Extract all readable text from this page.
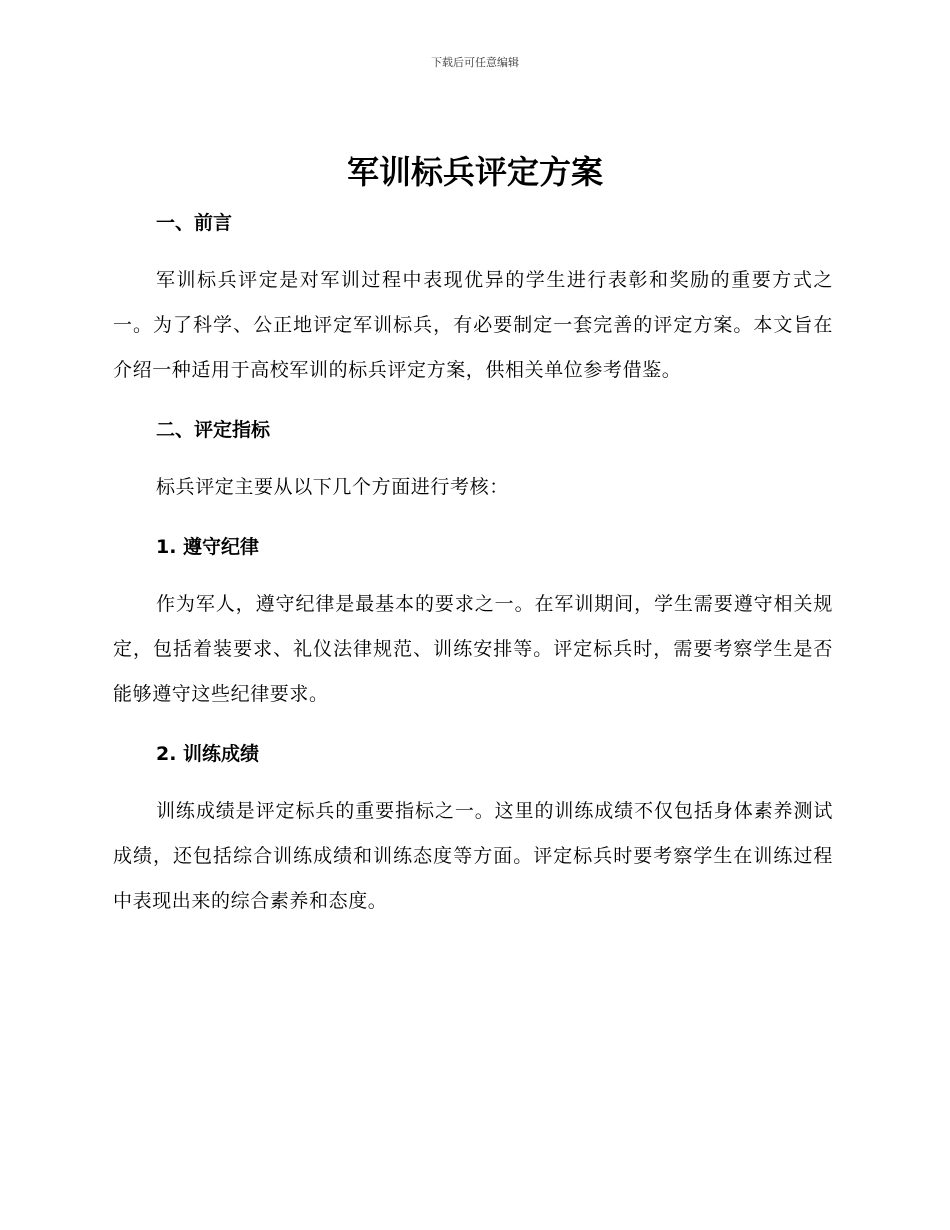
下载后可任意编辑
军训标兵评定方案
一、前言

军训标兵评定是对军训过程中表现优异的学生进行表彰和奖励的重要方式之一。为了科学、公正地评定军训标兵，有必要制定一套完善的评定方案。本文旨在介绍一种适用于高校军训的标兵评定方案，供相关单位参考借鉴。

二、评定指标

标兵评定主要从以下几个方面进行考核：

1. 遵守纪律

作为军人，遵守纪律是最基本的要求之一。在军训期间，学生需要遵守相关规定，包括着装要求、礼仪法律规范、训练安排等。评定标兵时，需要考察学生是否能够遵守这些纪律要求。

2. 训练成绩

训练成绩是评定标兵的重要指标之一。这里的训练成绩不仅包括身体素养测试成绩，还包括综合训练成绩和训练态度等方面。评定标兵时要考察学生在训练过程中表现出来的综合素养和态度。
